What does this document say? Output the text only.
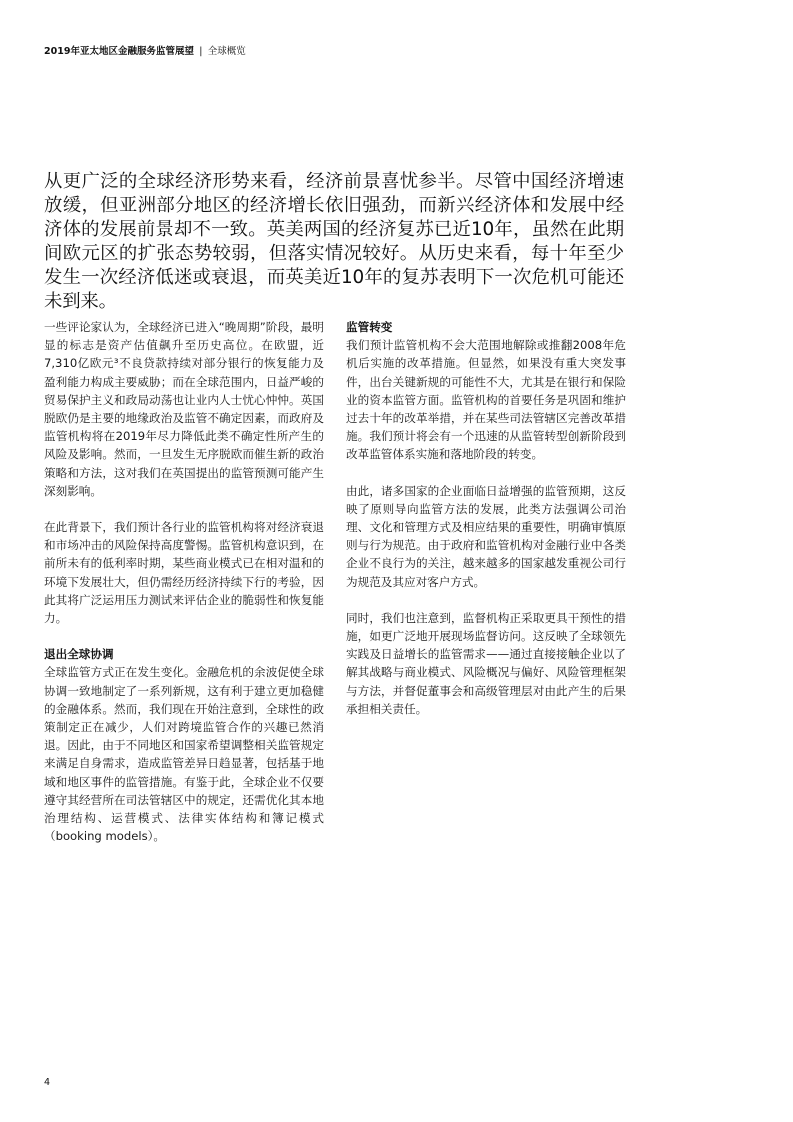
2019年亚太地区金融服务监管展望 | 全球概览

从更广泛的全球经济形势来看，经济前景喜忧参半。尽管中国经济增速放缓，但亚洲部分地区的经济增长依旧强劲，而新兴经济体和发展中经济体的发展前景却不一致。英美两国的经济复苏已近10年，虽然在此期间欧元区的扩张态势较弱，但落实情况较好。从历史来看，每十年至少发生一次经济低迷或衰退，而英美近10年的复苏表明下一次危机可能还未到来。

一些评论家认为，全球经济已进入“晚周期”阶段，最明显的标志是资产估值飙升至历史高位。在欧盟，近7,310亿欧元³不良贷款持续对部分银行的恢复能力及盈利能力构成主要威胁；而在全球范围内，日益严峻的贸易保护主义和政局动荡也让业内人士忧心忡忡。英国脱欧仍是主要的地缘政治及监管不确定因素，而政府及监管机构将在2019年尽力降低此类不确定性所产生的风险及影响。然而，一旦发生无序脱欧而催生新的政治策略和方法，这对我们在英国提出的监管预测可能产生深刻影响。

在此背景下，我们预计各行业的监管机构将对经济衰退和市场冲击的风险保持高度警惕。监管机构意识到，在前所未有的低利率时期，某些商业模式已在相对温和的环境下发展壮大，但仍需经历经济持续下行的考验，因此其将广泛运用压力测试来评估企业的脆弱性和恢复能力。

退出全球协调

全球监管方式正在发生变化。金融危机的余波促使全球协调一致地制定了一系列新规，这有利于建立更加稳健的金融体系。然而，我们现在开始注意到，全球性的政策制定正在减少，人们对跨境监管合作的兴趣已然消退。因此，由于不同地区和国家希望调整相关监管规定来满足自身需求，造成监管差异日趋显著，包括基于地域和地区事件的监管措施。有鉴于此，全球企业不仅要遵守其经营所在司法管辖区中的规定，还需优化其本地治理结构、运营模式、法律实体结构和簿记模式（booking models）。

监管转变

我们预计监管机构不会大范围地解除或推翻2008年危机后实施的改革措施。但显然，如果没有重大突发事件，出台关键新规的可能性不大，尤其是在银行和保险业的资本监管方面。监管机构的首要任务是巩固和维护过去十年的改革举措，并在某些司法管辖区完善改革措施。我们预计将会有一个迅速的从监管转型创新阶段到改革监管体系实施和落地阶段的转变。

由此，诸多国家的企业面临日益增强的监管预期，这反映了原则导向监管方法的发展，此类方法强调公司治理、文化和管理方式及相应结果的重要性，明确审慎原则与行为规范。由于政府和监管机构对金融行业中各类企业不良行为的关注，越来越多的国家越发重视公司行为规范及其应对客户方式。

同时，我们也注意到，监督机构正采取更具干预性的措施，如更广泛地开展现场监督访问。这反映了全球领先实践及日益增长的监管需求——通过直接接触企业以了解其战略与商业模式、风险概况与偏好、风险管理框架与方法，并督促董事会和高级管理层对由此产生的后果承担相关责任。

4
